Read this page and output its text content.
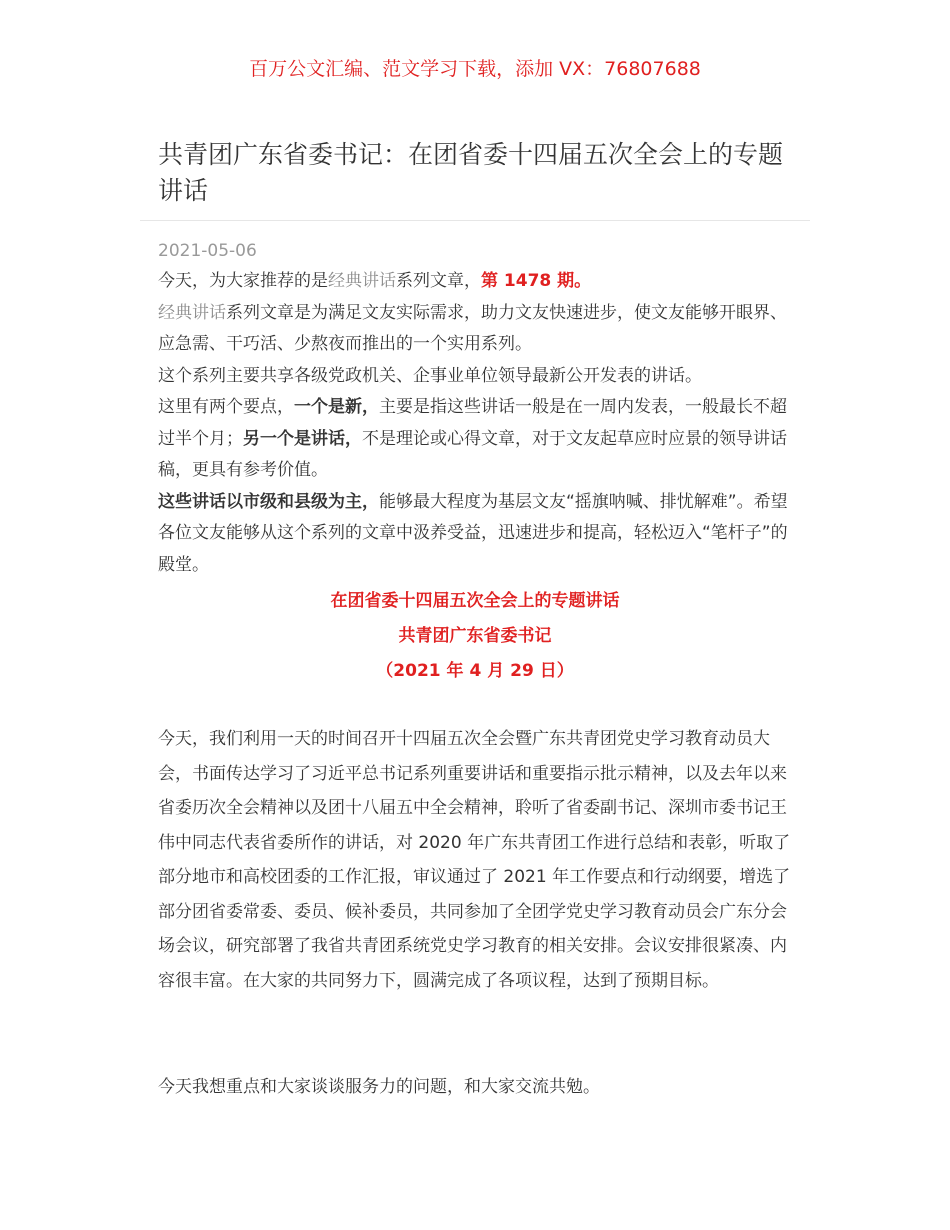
百万公文汇编、范文学习下载，添加 VX：76807688
共青团广东省委书记：在团省委十四届五次全会上的专题讲话
2021-05-06

今天，为大家推荐的是经典讲话系列文章，第 1478 期。

经典讲话系列文章是为满足文友实际需求，助力文友快速进步，使文友能够开眼界、应急需、干巧活、少熬夜而推出的一个实用系列。

这个系列主要共享各级党政机关、企事业单位领导最新公开发表的讲话。

这里有两个要点，一个是新，主要是指这些讲话一般是在一周内发表，一般最长不超过半个月；另一个是讲话，不是理论或心得文章，对于文友起草应时应景的领导讲话稿，更具有参考价值。

这些讲话以市级和县级为主，能够最大程度为基层文友“摇旗呐喊、排忧解难”。希望各位文友能够从这个系列的文章中汲养受益，迅速进步和提高，轻松迈入“笔杆子”的殿堂。

在团省委十四届五次全会上的专题讲话
共青团广东省委书记
（2021 年 4 月 29 日）

今天，我们利用一天的时间召开十四届五次全会暨广东共青团党史学习教育动员大会，书面传达学习了习近平总书记系列重要讲话和重要指示批示精神，以及去年以来省委历次全会精神以及团十八届五中全会精神，聆听了省委副书记、深圳市委书记王伟中同志代表省委所作的讲话，对 2020 年广东共青团工作进行总结和表彰，听取了部分地市和高校团委的工作汇报，审议通过了 2021 年工作要点和行动纲要，增选了部分团省委常委、委员、候补委员，共同参加了全团学党史学习教育动员会广东分会场会议，研究部署了我省共青团系统党史学习教育的相关安排。会议安排很紧凑、内容很丰富。在大家的共同努力下，圆满完成了各项议程，达到了预期目标。

今天我想重点和大家谈谈服务力的问题，和大家交流共勉。
